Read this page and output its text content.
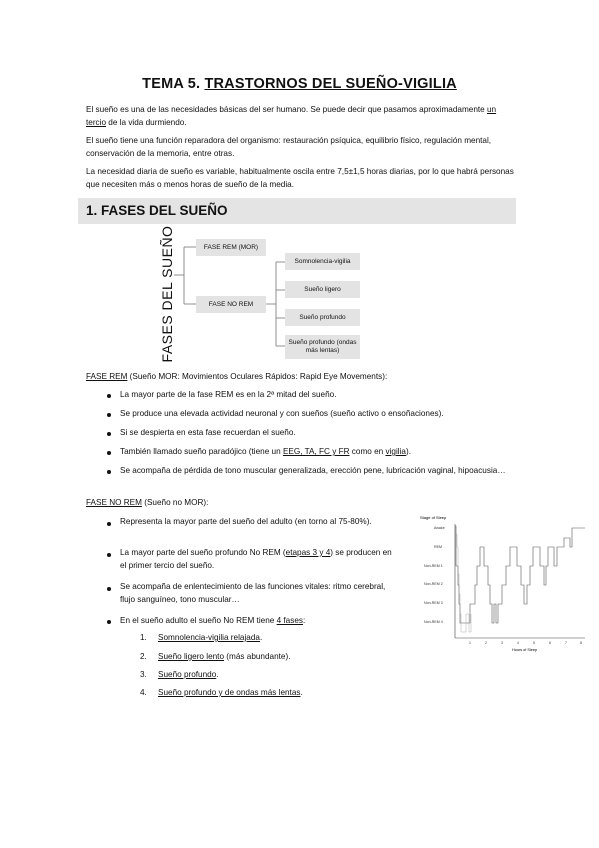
TEMA 5. TRASTORNOS DEL SUEÑO-VIGILIA
El sueño es una de las necesidades básicas del ser humano. Se puede decir que pasamos aproximadamente un tercio de la vida durmiendo.
El sueño tiene una función reparadora del organismo: restauración psíquica, equilibrio físico, regulación mental, conservación de la memoria, entre otras.
La necesidad diaria de sueño es variable, habitualmente oscila entre 7,5±1,5 horas diarias, por lo que habrá personas que necesiten más o menos horas de sueño de la media.
1. FASES DEL SUEÑO
FASES DEL SUEÑO	FASE REM (MOR)
FASE NO REM
Somnolencia-vigilia
Sueño ligero
Sueño profundo
Sueño profundo (ondas más lentas)
FASE REM (Sueño MOR: Movimientos Oculares Rápidos: Rapid Eye Movements):
La mayor parte de la fase REM es en la 2ª mitad del sueño.
Se produce una elevada actividad neuronal y con sueños (sueño activo o ensoñaciones).
Si se despierta en esta fase recuerdan el sueño.
También llamado sueño paradójico (tiene un EEG, TA, FC y FR como en vigilia).
Se acompaña de pérdida de tono muscular generalizada, erección pene, lubricación vaginal, hipoacusia…
FASE NO REM (Sueño no MOR):
Representa la mayor parte del sueño del adulto (en torno al 75-80%).
La mayor parte del sueño profundo No REM (etapas 3 y 4) se producen en el primer tercio del sueño.
Se acompaña de enlentecimiento de las funciones vitales: ritmo cerebral, flujo sanguíneo, tono muscular…
En el sueño adulto el sueño No REM tiene 4 fases:
1. Somnolencia-vigilia relajada.
2. Sueño ligero lento (más abundante).
3. Sueño profundo.
4. Sueño profundo y de ondas más lentas.
Stage of Sleep
Awake
REM
Non-REM 1
Non-REM 2
Non-REM 3
Non-REM 4
1	2	3	4	5	6	7	8
Hours of Sleep
